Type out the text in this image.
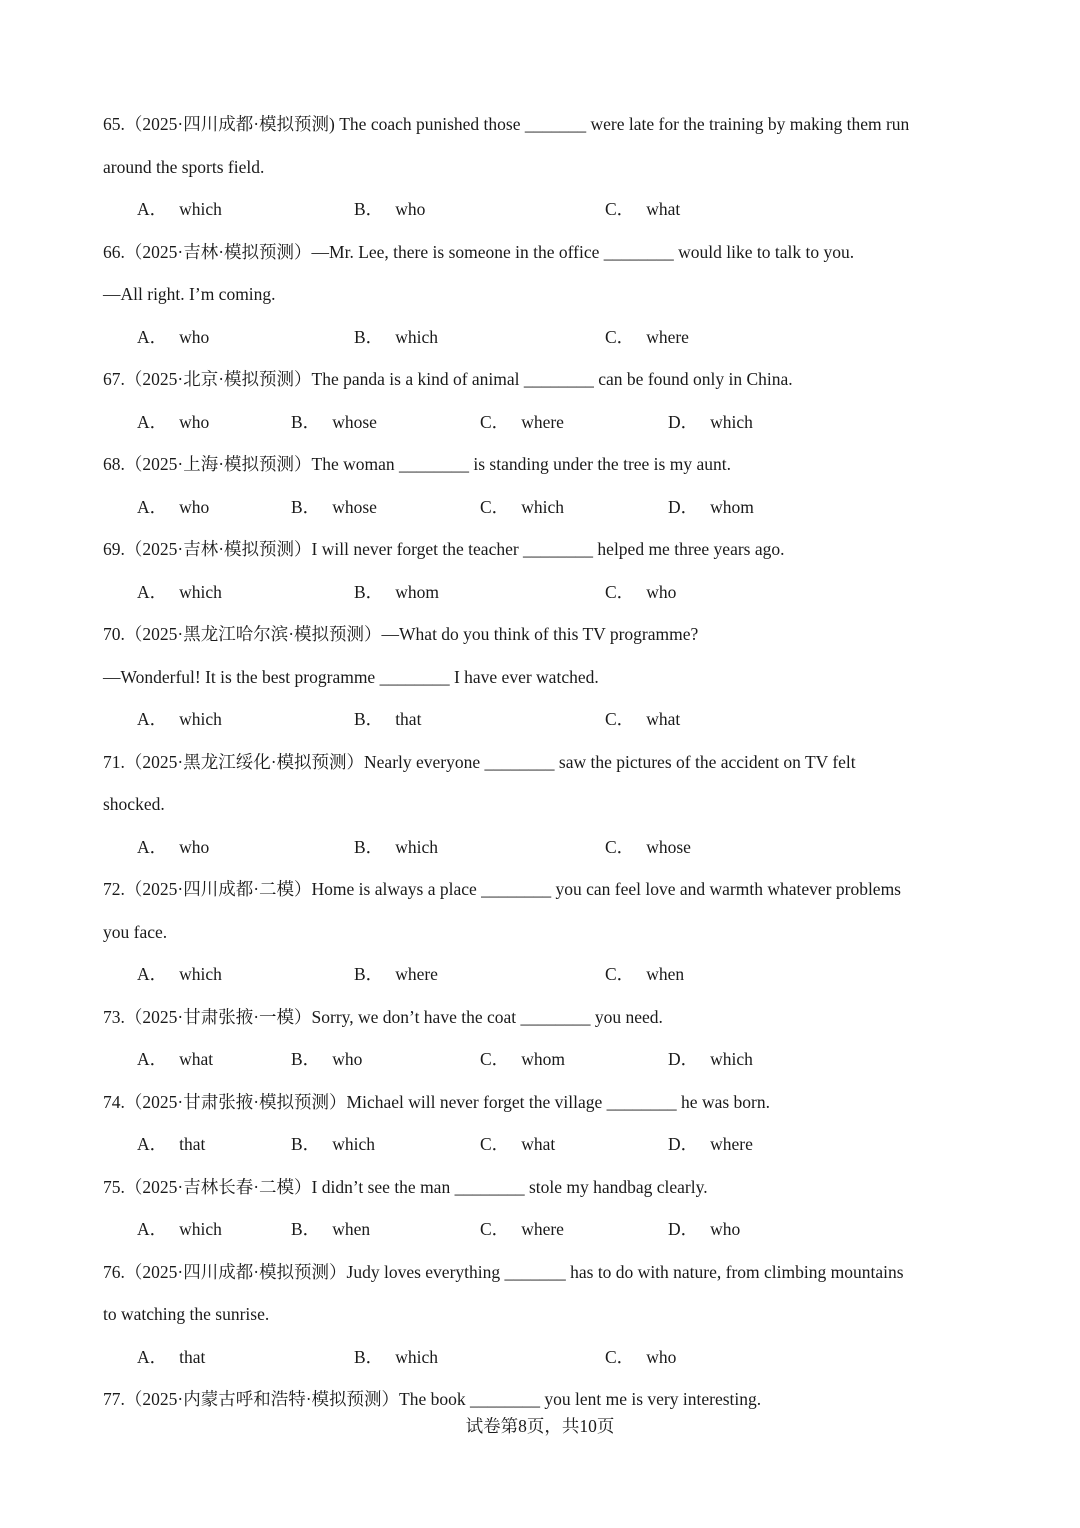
65.（2025·四川成都·模拟预测) The coach punished those _______ were late for the training by making them run
around the sports field.
A． which	B． who	C． what
66.（2025·吉林·模拟预测）—Mr. Lee, there is someone in the office ________ would like to talk to you.
—All right. I’m coming.
A． who	B． which	C． where
67.（2025·北京·模拟预测）The panda is a kind of animal ________ can be found only in China.
A． who	B． whose	C． where	D． which
68.（2025·上海·模拟预测）The woman ________ is standing under the tree is my aunt.
A． who	B． whose	C． which	D． whom
69.（2025·吉林·模拟预测）I will never forget the teacher ________ helped me three years ago.
A． which	B． whom	C． who
70.（2025·黑龙江哈尔滨·模拟预测）—What do you think of this TV programme?
—Wonderful! It is the best programme ________ I have ever watched.
A． which	B． that	C． what
71.（2025·黑龙江绥化·模拟预测）Nearly everyone ________ saw the pictures of the accident on TV felt
shocked.
A． who	B． which	C． whose
72.（2025·四川成都·二模）Home is always a place ________ you can feel love and warmth whatever problems
you face.
A． which	B． where	C． when
73.（2025·甘肃张掖·一模）Sorry, we don’t have the coat ________ you need.
A． what	B． who	C． whom	D． which
74.（2025·甘肃张掖·模拟预测）Michael will never forget the village ________ he was born.
A． that	B． which	C． what	D． where
75.（2025·吉林长春·二模）I didn’t see the man ________ stole my handbag clearly.
A． which	B． when	C． where	D． who
76.（2025·四川成都·模拟预测）Judy loves everything _______ has to do with nature, from climbing mountains
to watching the sunrise.
A． that	B． which	C． who
77.（2025·内蒙古呼和浩特·模拟预测）The book ________ you lent me is very interesting.
试卷第8页，共10页
